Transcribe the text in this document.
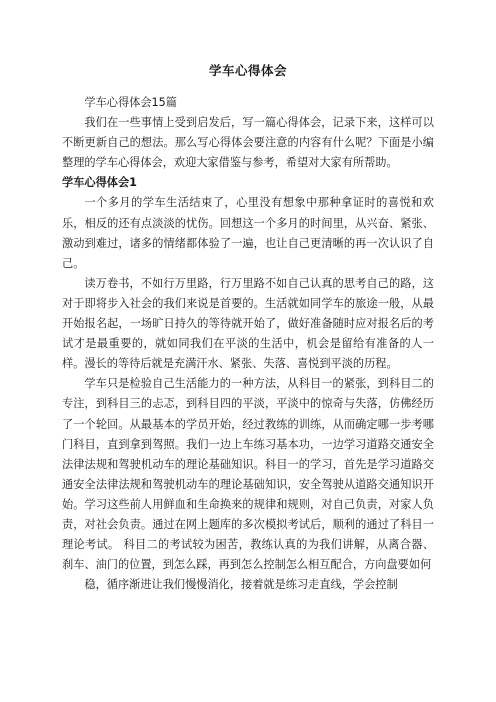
学车心得体会

学车心得体会15篇

我们在一些事情上受到启发后，写一篇心得体会，记录下来，这样可以不断更新自己的想法。那么写心得体会要注意的内容有什么呢？下面是小编整理的学车心得体会，欢迎大家借鉴与参考，希望对大家有所帮助。

学车心得体会1

一个多月的学车生活结束了，心里没有想象中那种拿证时的喜悦和欢乐，相反的还有点淡淡的忧伤。回想这一个多月的时间里，从兴奋、紧张、激动到难过，诸多的情绪都体验了一遍，也让自己更清晰的再一次认识了自己。

读万卷书，不如行万里路，行万里路不如自己认真的思考自己的路，这对于即将步入社会的我们来说是首要的。生活就如同学车的旅途一般，从最开始报名起，一场旷日持久的等待就开始了，做好准备随时应对报名后的考试才是最重要的，就如同我们在平淡的生活中，机会是留给有准备的人一样。漫长的等待后就是充满汗水、紧张、失落、喜悦到平淡的历程。

学车只是检验自己生活能力的一种方法，从科目一的紧张，到科目二的专注，到科目三的忐忑，到科目四的平淡，平淡中的惊奇与失落，仿佛经历了一个轮回。从最基本的学员开始，经过教练的训练，从而确定哪一步考哪门科目，直到拿到驾照。我们一边上车练习基本功，一边学习道路交通安全法律法规和驾驶机动车的理论基础知识。科目一的学习，首先是学习道路交通安全法律法规和驾驶机动车的理论基础知识，安全驾驶从道路交通知识开始。学习这些前人用鲜血和生命换来的规律和规则，对自己负责，对家人负责，对社会负责。通过在网上题库的多次模拟考试后，顺利的通过了科目一理论考试。 科目二的考试较为困苦，教练认真的为我们讲解，从离合器、刹车、油门的位置，到怎么踩，再到怎么控制怎么相互配合，方向盘要如何

稳，循序渐进让我们慢慢消化，接着就是练习走直线，学会控制
